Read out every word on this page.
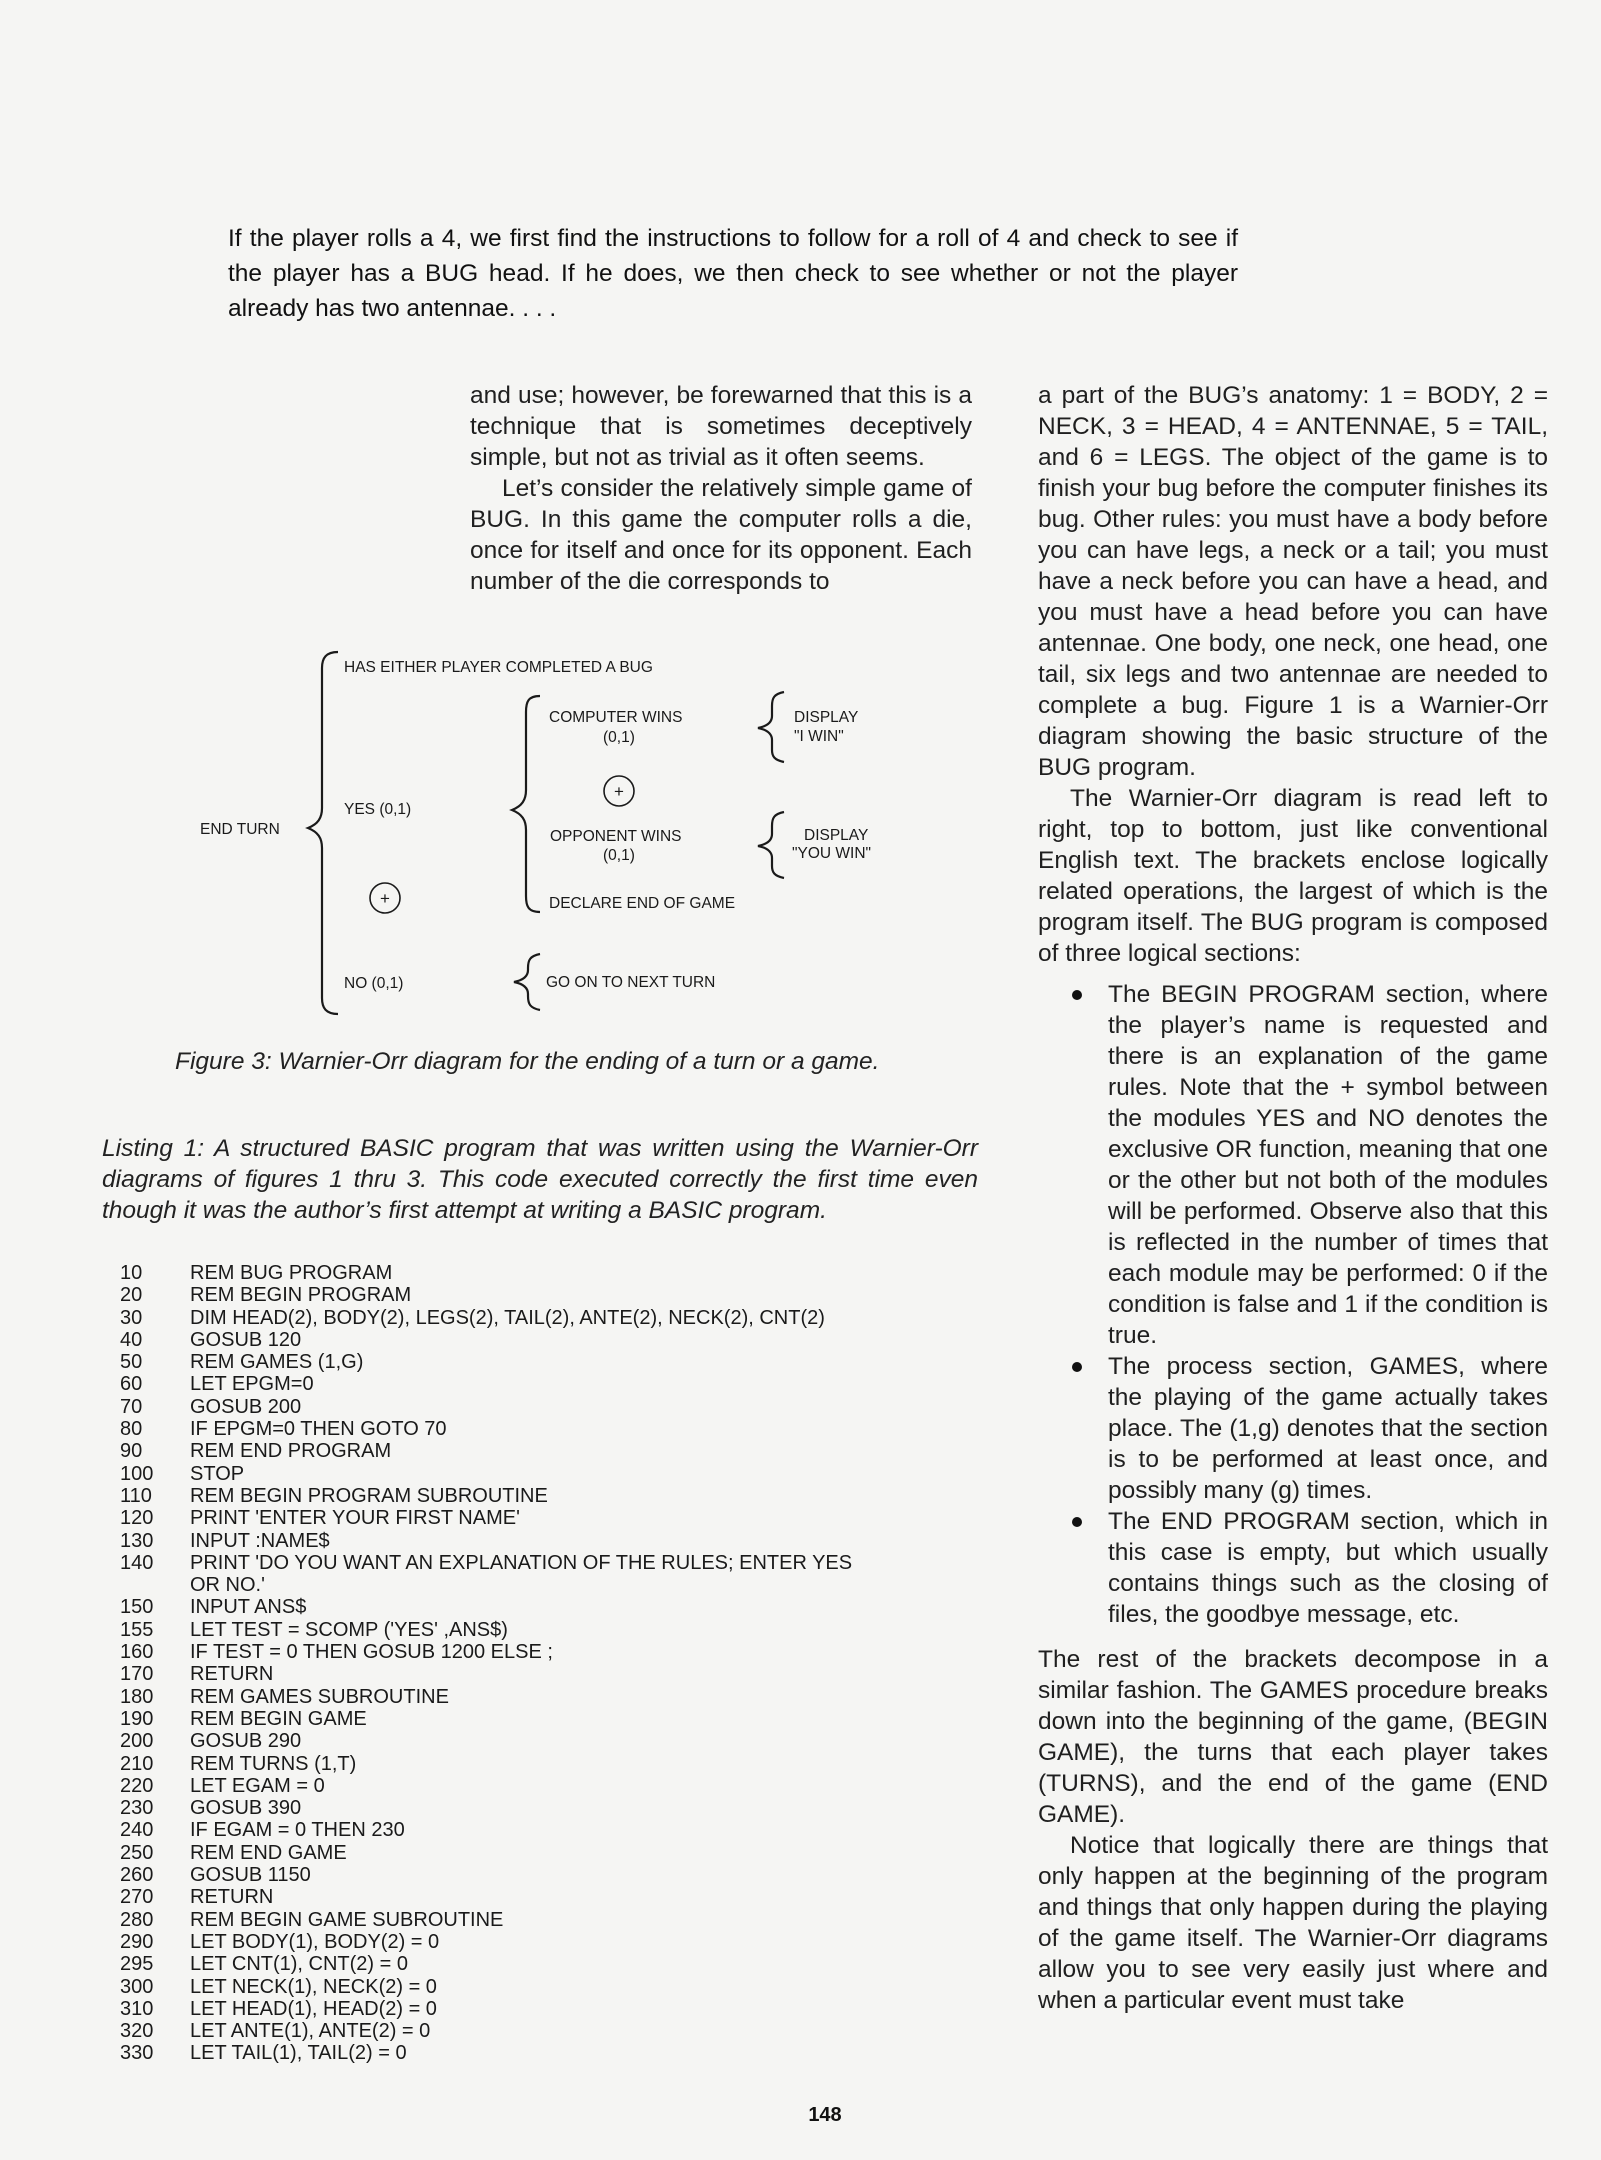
If the player rolls a 4, we first find the instructions to follow for a roll of 4 and check to see if the player has a BUG head. If he does, we then check to see whether or not the player already has two antennae. . . .

and use; however, be forewarned that this is a technique that is sometimes deceptively simple, but not as trivial as it often seems.

Let’s consider the relatively simple game of BUG. In this game the computer rolls a die, once for itself and once for its opponent. Each number of the die corresponds to

END TURN
HAS EITHER PLAYER COMPLETED A BUG
YES (0,1)
NO (0,1)
COMPUTER WINS
(0,1)
OPPONENT WINS
(0,1)
DECLARE END OF GAME
DISPLAY
"I WIN"
DISPLAY
"YOU WIN"
GO ON TO NEXT TURN
+
+
Figure 3: Warnier-Orr diagram for the ending of a turn or a game.
Listing 1: A structured BASIC program that was written using the Warnier-Orr diagrams of figures 1 thru 3. This code executed correctly the first time even though it was the author’s first attempt at writing a BASIC program.
10	REM BUG PROGRAM
20	REM BEGIN PROGRAM
30	DIM HEAD(2), BODY(2), LEGS(2), TAIL(2), ANTE(2), NECK(2), CNT(2)
40	GOSUB 120
50	REM GAMES (1,G)
60	LET EPGM=0
70	GOSUB 200
80	IF EPGM=0 THEN GOTO 70
90	REM END PROGRAM
100	STOP
110	REM BEGIN PROGRAM SUBROUTINE
120	PRINT 'ENTER YOUR FIRST NAME'
130	INPUT :NAME$
140	PRINT 'DO YOU WANT AN EXPLANATION OF THE RULES; ENTER YES
OR NO.'
150	INPUT ANS$
155	LET TEST = SCOMP ('YES' ,ANS$)
160	IF TEST = 0 THEN GOSUB 1200 ELSE ;
170	RETURN
180	REM GAMES SUBROUTINE
190	REM BEGIN GAME
200	GOSUB 290
210	REM TURNS (1,T)
220	LET EGAM = 0
230	GOSUB 390
240	IF EGAM = 0 THEN 230
250	REM END GAME
260	GOSUB 1150
270	RETURN
280	REM BEGIN GAME SUBROUTINE
290	LET BODY(1), BODY(2) = 0
295	LET CNT(1), CNT(2) = 0
300	LET NECK(1), NECK(2) = 0
310	LET HEAD(1), HEAD(2) = 0
320	LET ANTE(1), ANTE(2) = 0
330	LET TAIL(1), TAIL(2) = 0

a part of the BUG’s anatomy: 1 = BODY, 2 = NECK, 3 = HEAD, 4 = ANTENNAE, 5 = TAIL, and 6 = LEGS. The object of the game is to finish your bug before the computer finishes its bug. Other rules: you must have a body before you can have legs, a neck or a tail; you must have a neck before you can have a head, and you must have a head before you can have antennae. One body, one neck, one head, one tail, six legs and two antennae are needed to complete a bug. Figure 1 is a Warnier-Orr diagram showing the basic structure of the BUG program.

The Warnier-Orr diagram is read left to right, top to bottom, just like conventional English text. The brackets enclose logically related operations, the largest of which is the program itself. The BUG program is composed of three logical sections:

The BEGIN PROGRAM section, where the player’s name is requested and there is an explanation of the game rules. Note that the + symbol between the modules YES and NO denotes the exclusive OR function, meaning that one or the other but not both of the modules will be performed. Observe also that this is reflected in the number of times that each module may be performed: 0 if the condition is false and 1 if the condition is true.
The process section, GAMES, where the playing of the game actually takes place. The (1,g) denotes that the section is to be performed at least once, and possibly many (g) times.
The END PROGRAM section, which in this case is empty, but which usually contains things such as the closing of files, the goodbye message, etc.

The rest of the brackets decompose in a similar fashion. The GAMES procedure breaks down into the beginning of the game, (BEGIN GAME), the turns that each player takes (TURNS), and the end of the game (END GAME).

Notice that logically there are things that only happen at the beginning of the program and things that only happen during the playing of the game itself. The Warnier-Orr diagrams allow you to see very easily just where and when a particular event must take

148
